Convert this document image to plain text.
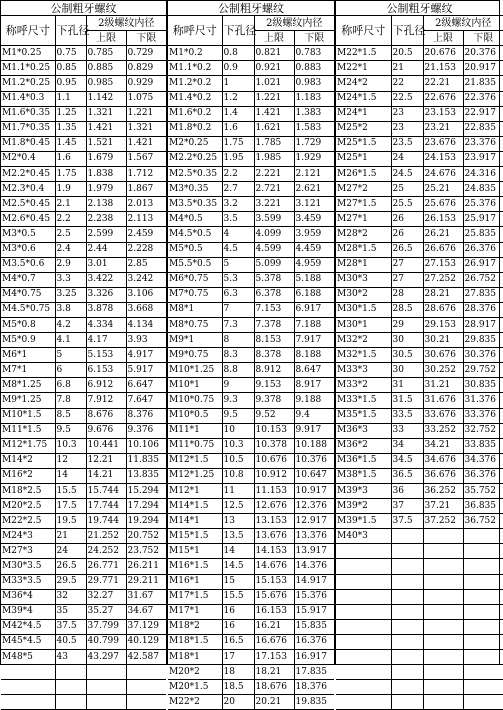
公制粗牙螺纹			
称呼尺寸	下孔径	2级螺纹内径	
		上限	下限
M1*0.25	0.75	0.785	0.729
M1.1*0.25	0.85	0.885	0.829
M1.2*0.25	0.95	0.985	0.929
M1.4*0.3	1.1	1.142	1.075
M1.6*0.35	1.25	1.321	1.221
M1.7*0.35	1.35	1.421	1.321
M1.8*0.45	1.45	1.521	1.421
M2*0.4	1.6	1.679	1.567
M2.2*0.45	1.75	1.838	1.712
M2.3*0.4	1.9	1.979	1.867
M2.5*0.45	2.1	2.138	2.013
M2.6*0.45	2.2	2.238	2.113
M3*0.5	2.5	2.599	2.459
M3*0.6	2.4	2.44	2.228
M3.5*0.6	2.9	3.01	2.85
M4*0.7	3.3	3.422	3.242
M4*0.75	3.25	3.326	3.106
M4.5*0.75	3.8	3.878	3.668
M5*0.8	4.2	4.334	4.134
M5*0.9	4.1	4.17	3.93
M6*1	5	5.153	4.917
M7*1	6	6.153	5.917
M8*1.25	6.8	6.912	6.647
M9*1.25	7.8	7.912	7.647
M10*1.5	8.5	8.676	8.376
M11*1.5	9.5	9.676	9.376
M12*1.75	10.3	10.441	10.106
M14*2	12	12.21	11.835
M16*2	14	14.21	13.835
M18*2.5	15.5	15.744	15.294
M20*2.5	17.5	17.744	17.294
M22*2.5	19.5	19.744	19.294
M24*3	21	21.252	20.752
M27*3	24	24.252	23.752
M30*3.5	26.5	26.771	26.211
M33*3.5	29.5	29.771	29.211
M36*4	32	32.27	31.67
M39*4	35	35.27	34.67
M42*4.5	37.5	37.799	37.129
M45*4.5	40.5	40.799	40.129
M48*5	43	43.297	42.587

公制粗牙螺纹			
称呼尺寸	下孔径	2级螺纹内径	
		上限	下限
M1*0.2	0.8	0.821	0.783
M1.1*0.2	0.9	0.921	0.883
M1.2*0.2	1	1.021	0.983
M1.4*0.2	1.2	1.221	1.183
M1.6*0.2	1.4	1.421	1.383
M1.8*0.2	1.6	1.621	1.583
M2*0.25	1.75	1.785	1.729
M2.2*0.25	1.95	1.985	1.929
M2.5*0.35	2.2	2.221	2.121
M3*0.35	2.7	2.721	2.621
M3.5*0.35	3.2	3.221	3.121
M4*0.5	3.5	3.599	3.459
M4.5*0.5	4	4.099	3.959
M5*0.5	4.5	4.599	4.459
M5.5*0.5	5	5.099	4.959
M6*0.75	5.3	5.378	5.188
M7*0.75	6.3	6.378	6.188
M8*1	7	7.153	6.917
M8*0.75	7.3	7.378	7.188
M9*1	8	8.153	7.917
M9*0.75	8.3	8.378	8.188
M10*1.25	8.8	8.912	8.647
M10*1	9	9.153	8.917
M10*0.75	9.3	9.378	9.188
M10*0.5	9.5	9.52	9.4
M11*1	10	10.153	9.917
M11*0.75	10.3	10.378	10.188
M12*1.5	10.5	10.676	10.376
M12*1.25	10.8	10.912	10.647
M12*1	11	11.153	10.917
M14*1.5	12.5	12.676	12.376
M14*1	13	13.153	12.917
M15*1.5	13.5	13.676	13.376
M15*1	14	14.153	13.917
M16*1.5	14.5	14.676	14.376
M16*1	15	15.153	14.917
M17*1.5	15.5	15.676	15.376
M17*1	16	16.153	15.917
M18*2	16	16.21	15.835
M18*1.5	16.5	16.676	16.376
M18*1	17	17.153	16.917
M20*2	18	18.21	17.835
M20*1.5	18.5	18.676	18.376
M22*2	20	20.21	19.835
公制粗牙螺纹			
称呼尺寸	下孔径	2级螺纹内径	
		上限	下限
M22*1.5	20.5	20.676	20.376
M22*1	21	21.153	20.917
M24*2	22	22.21	21.835
M24*1.5	22.5	22.676	22.376
M24*1	23	23.153	22.917
M25*2	23	23.21	22.835
M25*1.5	23.5	23.676	23.376
M25*1	24	24.153	23.917
M26*1.5	24.5	24.676	24.316
M27*2	25	25.21	24.835
M27*1.5	25.5	25.676	25.376
M27*1	26	26.153	25.917
M28*2	26	26.21	25.835
M28*1.5	26.5	26.676	26.376
M28*1	27	27.153	26.917
M30*3	27	27.252	26.752
M30*2	28	28.21	27.835
M30*1.5	28.5	28.676	28.376
M30*1	29	29.153	28.917
M32*2	30	30.21	29.835
M32*1.5	30.5	30.676	30.376
M33*3	30	30.252	29.752
M33*2	31	31.21	30.835
M33*1.5	31.5	31.676	31.376
M35*1.5	33.5	33.676	33.376
M36*3	33	33.252	32.752
M36*2	34	34.21	33.835
M36*1.5	34.5	34.676	34.376
M38*1.5	36.5	36.676	36.376
M39*3	36	36.252	35.752
M39*2	37	37.21	36.835
M39*1.5	37.5	37.252	36.752
M40*3			
